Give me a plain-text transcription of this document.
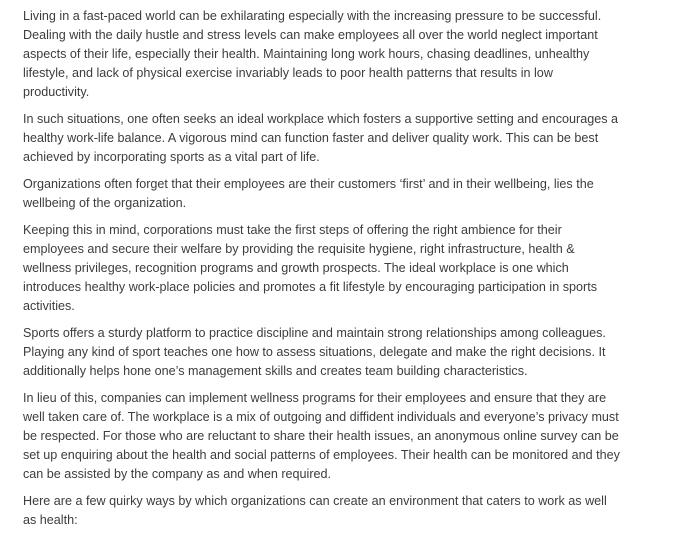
Living in a fast-paced world can be exhilarating especially with the increasing pressure to be successful.
Dealing with the daily hustle and stress levels can make employees all over the world neglect important
aspects of their life, especially their health. Maintaining long work hours, chasing deadlines, unhealthy
lifestyle, and lack of physical exercise invariably leads to poor health patterns that results in low
productivity.

In such situations, one often seeks an ideal workplace which fosters a supportive setting and encourages a
healthy work-life balance. A vigorous mind can function faster and deliver quality work. This can be best
achieved by incorporating sports as a vital part of life.

Organizations often forget that their employees are their customers ‘first’ and in their wellbeing, lies the
wellbeing of the organization.

Keeping this in mind, corporations must take the first steps of offering the right ambience for their
employees and secure their welfare by providing the requisite hygiene, right infrastructure, health &
wellness privileges, recognition programs and growth prospects. The ideal workplace is one which
introduces healthy work-place policies and promotes a fit lifestyle by encouraging participation in sports
activities.

Sports offers a sturdy platform to practice discipline and maintain strong relationships among colleagues.
Playing any kind of sport teaches one how to assess situations, delegate and make the right decisions. It
additionally helps hone one’s management skills and creates team building characteristics.

In lieu of this, companies can implement wellness programs for their employees and ensure that they are
well taken care of. The workplace is a mix of outgoing and diffident individuals and everyone’s privacy must
be respected. For those who are reluctant to share their health issues, an anonymous online survey can be
set up enquiring about the health and social patterns of employees. Their health can be monitored and they
can be assisted by the company as and when required.

Here are a few quirky ways by which organizations can create an environment that caters to work as well
as health:
